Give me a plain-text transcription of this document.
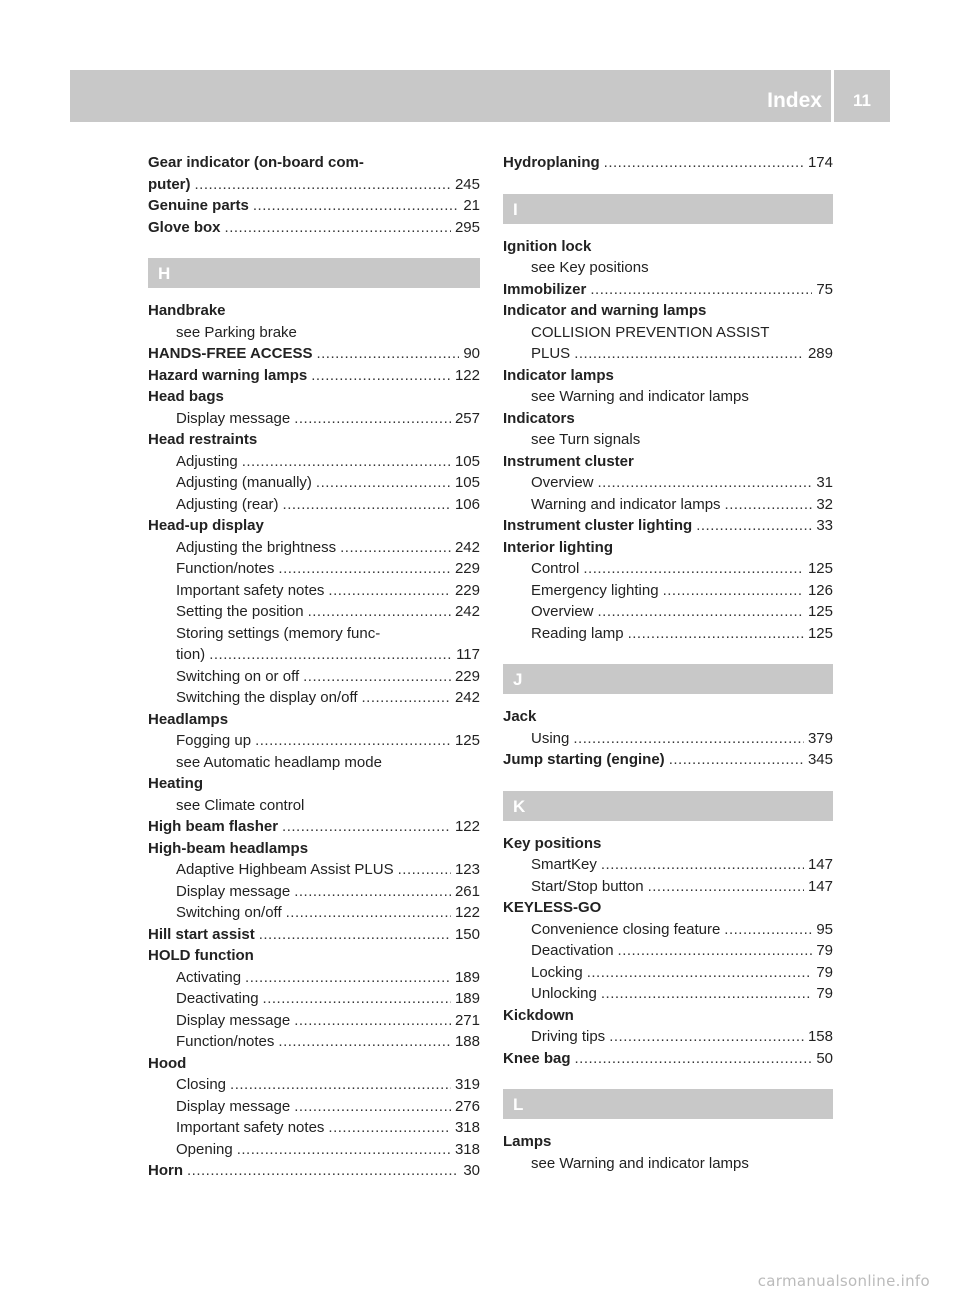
Index	11
Gear indicator (on-board com-
puter) .....	245
Genuine parts .....	21
Glove box .....	295
H
Handbrake
see Parking brake
HANDS-FREE ACCESS .....	90
Hazard warning lamps .....	122
Head bags
Display message .....	257
Head restraints
Adjusting .....	105
Adjusting (manually) .....	105
Adjusting (rear) .....	106
Head-up display
Adjusting the brightness .....	242
Function/notes .....	229
Important safety notes .....	229
Setting the position .....	242
Storing settings (memory func-
tion) .....	117
Switching on or off .....	229
Switching the display on/off .....	242
Headlamps
Fogging up .....	125
see Automatic headlamp mode
Heating
see Climate control
High beam flasher .....	122
High-beam headlamps
Adaptive Highbeam Assist PLUS .....	123
Display message .....	261
Switching on/off .....	122
Hill start assist .....	150
HOLD function
Activating .....	189
Deactivating .....	189
Display message .....	271
Function/notes .....	188
Hood
Closing .....	319
Display message .....	276
Important safety notes .....	318
Opening .....	318
Horn .....	30
Hydroplaning .....	174
I
Ignition lock
see Key positions
Immobilizer .....	75
Indicator and warning lamps
COLLISION PREVENTION ASSIST
PLUS .....	289
Indicator lamps
see Warning and indicator lamps
Indicators
see Turn signals
Instrument cluster
Overview .....	31
Warning and indicator lamps .....	32
Instrument cluster lighting .....	33
Interior lighting
Control .....	125
Emergency lighting .....	126
Overview .....	125
Reading lamp .....	125
J
Jack
Using .....	379
Jump starting (engine) .....	345
K
Key positions
SmartKey .....	147
Start/Stop button .....	147
KEYLESS-GO
Convenience closing feature .....	95
Deactivation .....	79
Locking .....	79
Unlocking .....	79
Kickdown
Driving tips .....	158
Knee bag .....	50
L
Lamps
see Warning and indicator lamps
carmanualsonline.info
